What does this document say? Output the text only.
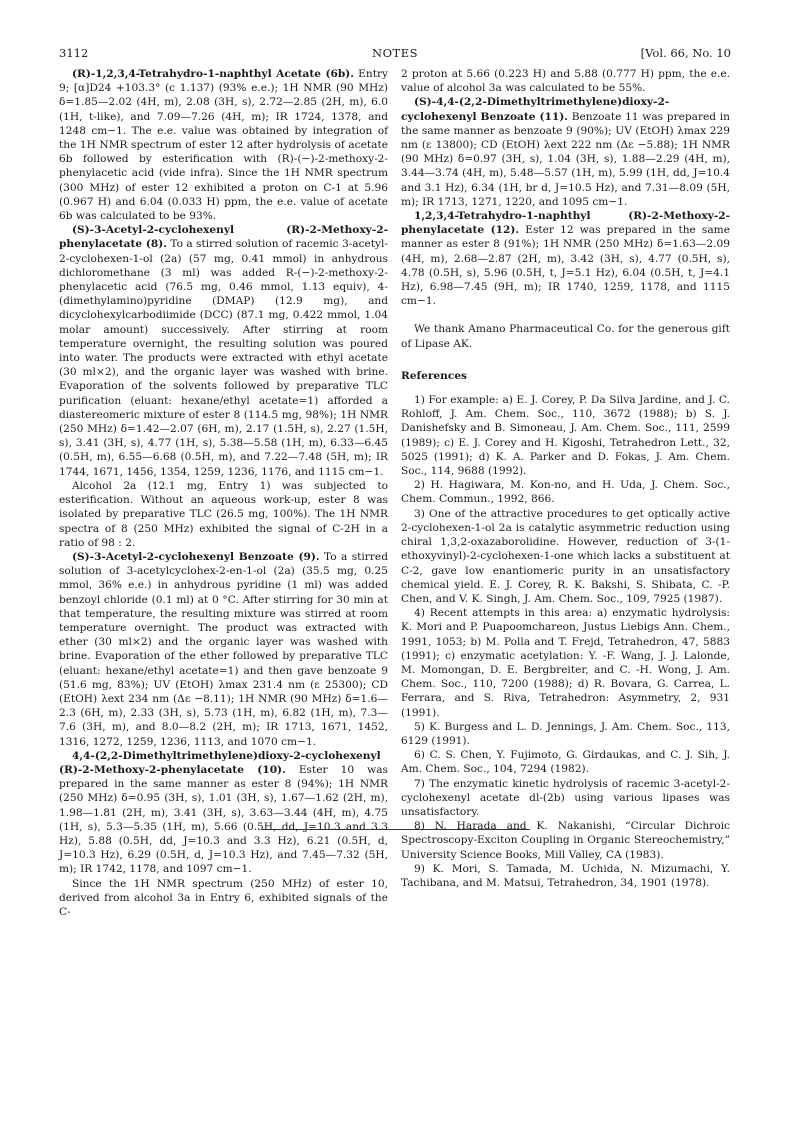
3112	NOTES	[Vol. 66, No. 10

(R)-1,2,3,4-Tetrahydro-1-naphthyl Acetate (6b). Entry 9; [α]D24 +103.3° (c 1.137) (93% e.e.); 1H NMR (90 MHz) δ=1.85—2.02 (4H, m), 2.08 (3H, s), 2.72—2.85 (2H, m), 6.0 (1H, t-like), and 7.09—7.26 (4H, m); IR 1724, 1378, and 1248 cm−1. The e.e. value was obtained by integration of the 1H NMR spectrum of ester 12 after hydrolysis of acetate 6b followed by esterification with (R)-(−)-2-methoxy-2-phenylacetic acid (vide infra). Since the 1H NMR spectrum (300 MHz) of ester 12 exhibited a proton on C-1 at 5.96 (0.967 H) and 6.04 (0.033 H) ppm, the e.e. value of acetate 6b was calculated to be 93%.

(S)-3-Acetyl-2-cyclohexenyl (R)-2-Methoxy-2-phenylacetate (8). To a stirred solution of racemic 3-acetyl-2-cyclohexen-1-ol (2a) (57 mg, 0.41 mmol) in anhydrous dichloromethane (3 ml) was added R-(−)-2-methoxy-2-phenylacetic acid (76.5 mg, 0.46 mmol, 1.13 equiv), 4-(dimethylamino)pyridine (DMAP) (12.9 mg), and dicyclohexylcarbodiimide (DCC) (87.1 mg, 0.422 mmol, 1.04 molar amount) successively. After stirring at room temperature overnight, the resulting solution was poured into water. The products were extracted with ethyl acetate (30 ml×2), and the organic layer was washed with brine. Evaporation of the solvents followed by preparative TLC purification (eluant: hexane/ethyl acetate=1) afforded a diastereomeric mixture of ester 8 (114.5 mg, 98%); 1H NMR (250 MHz) δ=1.42—2.07 (6H, m), 2.17 (1.5H, s), 2.27 (1.5H, s), 3.41 (3H, s), 4.77 (1H, s), 5.38—5.58 (1H, m), 6.33—6.45 (0.5H, m), 6.55—6.68 (0.5H, m), and 7.22—7.48 (5H, m); IR 1744, 1671, 1456, 1354, 1259, 1236, 1176, and 1115 cm−1.

Alcohol 2a (12.1 mg, Entry 1) was subjected to esterification. Without an aqueous work-up, ester 8 was isolated by preparative TLC (26.5 mg, 100%). The 1H NMR spectra of 8 (250 MHz) exhibited the signal of C-2H in a ratio of 98 : 2.

(S)-3-Acetyl-2-cyclohexenyl Benzoate (9). To a stirred solution of 3-acetylcyclohex-2-en-1-ol (2a) (35.5 mg, 0.25 mmol, 36% e.e.) in anhydrous pyridine (1 ml) was added benzoyl chloride (0.1 ml) at 0 °C. After stirring for 30 min at that temperature, the resulting mixture was stirred at room temperature overnight. The product was extracted with ether (30 ml×2) and the organic layer was washed with brine. Evaporation of the ether followed by preparative TLC (eluant: hexane/ethyl acetate=1) and then gave benzoate 9 (51.6 mg, 83%); UV (EtOH) λmax 231.4 nm (ε 25300); CD (EtOH) λext 234 nm (Δε −8.11); 1H NMR (90 MHz) δ=1.6—2.3 (6H, m), 2.33 (3H, s), 5.73 (1H, m), 6.82 (1H, m), 7.3—7.6 (3H, m), and 8.0—8.2 (2H, m); IR 1713, 1671, 1452, 1316, 1272, 1259, 1236, 1113, and 1070 cm−1.

4,4-(2,2-Dimethyltrimethylene)dioxy-2-cyclohexenyl (R)-2-Methoxy-2-phenylacetate (10). Ester 10 was prepared in the same manner as ester 8 (94%); 1H NMR (250 MHz) δ=0.95 (3H, s), 1.01 (3H, s), 1.67—1.62 (2H, m), 1.98—1.81 (2H, m), 3.41 (3H, s), 3.63—3.44 (4H, m), 4.75 (1H, s), 5.3—5.35 (1H, m), 5.66 (0.5H, dd, J=10.3 and 3.3 Hz), 5.88 (0.5H, dd, J=10.3 and 3.3 Hz), 6.21 (0.5H, d, J=10.3 Hz), 6.29 (0.5H, d, J=10.3 Hz), and 7.45—7.32 (5H, m); IR 1742, 1178, and 1097 cm−1.

Since the 1H NMR spectrum (250 MHz) of ester 10, derived from alcohol 3a in Entry 6, exhibited signals of the C-

2 proton at 5.66 (0.223 H) and 5.88 (0.777 H) ppm, the e.e. value of alcohol 3a was calculated to be 55%.

(S)-4,4-(2,2-Dimethyltrimethylene)dioxy-2-cyclohexenyl Benzoate (11). Benzoate 11 was prepared in the same manner as benzoate 9 (90%); UV (EtOH) λmax 229 nm (ε 13800); CD (EtOH) λext 222 nm (Δε −5.88); 1H NMR (90 MHz) δ=0.97 (3H, s), 1.04 (3H, s), 1.88—2.29 (4H, m), 3.44—3.74 (4H, m), 5.48—5.57 (1H, m), 5.99 (1H, dd, J=10.4 and 3.1 Hz), 6.34 (1H, br d, J=10.5 Hz), and 7.31—8.09 (5H, m); IR 1713, 1271, 1220, and 1095 cm−1.

1,2,3,4-Tetrahydro-1-naphthyl (R)-2-Methoxy-2-phenylacetate (12). Ester 12 was prepared in the same manner as ester 8 (91%); 1H NMR (250 MHz) δ=1.63—2.09 (4H, m), 2.68—2.87 (2H, m), 3.42 (3H, s), 4.77 (0.5H, s), 4.78 (0.5H, s), 5.96 (0.5H, t, J=5.1 Hz), 6.04 (0.5H, t, J=4.1 Hz), 6.98—7.45 (9H, m); IR 1740, 1259, 1178, and 1115 cm−1.

We thank Amano Pharmaceutical Co. for the generous gift of Lipase AK.

References

1) For example: a) E. J. Corey, P. Da Silva Jardine, and J. C. Rohloff, J. Am. Chem. Soc., 110, 3672 (1988); b) S. J. Danishefsky and B. Simoneau, J. Am. Chem. Soc., 111, 2599 (1989); c) E. J. Corey and H. Kigoshi, Tetrahedron Lett., 32, 5025 (1991); d) K. A. Parker and D. Fokas, J. Am. Chem. Soc., 114, 9688 (1992).

2) H. Hagiwara, M. Kon-no, and H. Uda, J. Chem. Soc., Chem. Commun., 1992, 866.

3) One of the attractive procedures to get optically active 2-cyclohexen-1-ol 2a is catalytic asymmetric reduction using chiral 1,3,2-oxazaborolidine. However, reduction of 3-(1-ethoxyvinyl)-2-cyclohexen-1-one which lacks a substituent at C-2, gave low enantiomeric purity in an unsatisfactory chemical yield. E. J. Corey, R. K. Bakshi, S. Shibata, C. -P. Chen, and V. K. Singh, J. Am. Chem. Soc., 109, 7925 (1987).

4) Recent attempts in this area: a) enzymatic hydrolysis: K. Mori and P. Puapoomchareon, Justus Liebigs Ann. Chem., 1991, 1053; b) M. Polla and T. Frejd, Tetrahedron, 47, 5883 (1991); c) enzymatic acetylation: Y. -F. Wang, J. J. Lalonde, M. Momongan, D. E. Bergbreiter, and C. -H. Wong, J. Am. Chem. Soc., 110, 7200 (1988); d) R. Bovara, G. Carrea, L. Ferrara, and S. Riva, Tetrahedron: Asymmetry, 2, 931 (1991).

5) K. Burgess and L. D. Jennings, J. Am. Chem. Soc., 113, 6129 (1991).

6) C. S. Chen, Y. Fujimoto, G. Girdaukas, and C. J. Sih, J. Am. Chem. Soc., 104, 7294 (1982).

7) The enzymatic kinetic hydrolysis of racemic 3-acetyl-2-cyclohexenyl acetate dl-(2b) using various lipases was unsatisfactory.

8) N. Harada and K. Nakanishi, “Circular Dichroic Spectroscopy-Exciton Coupling in Organic Stereochemistry,” University Science Books, Mill Valley, CA (1983).

9) K. Mori, S. Tamada, M. Uchida, N. Mizumachi, Y. Tachibana, and M. Matsui, Tetrahedron, 34, 1901 (1978).
